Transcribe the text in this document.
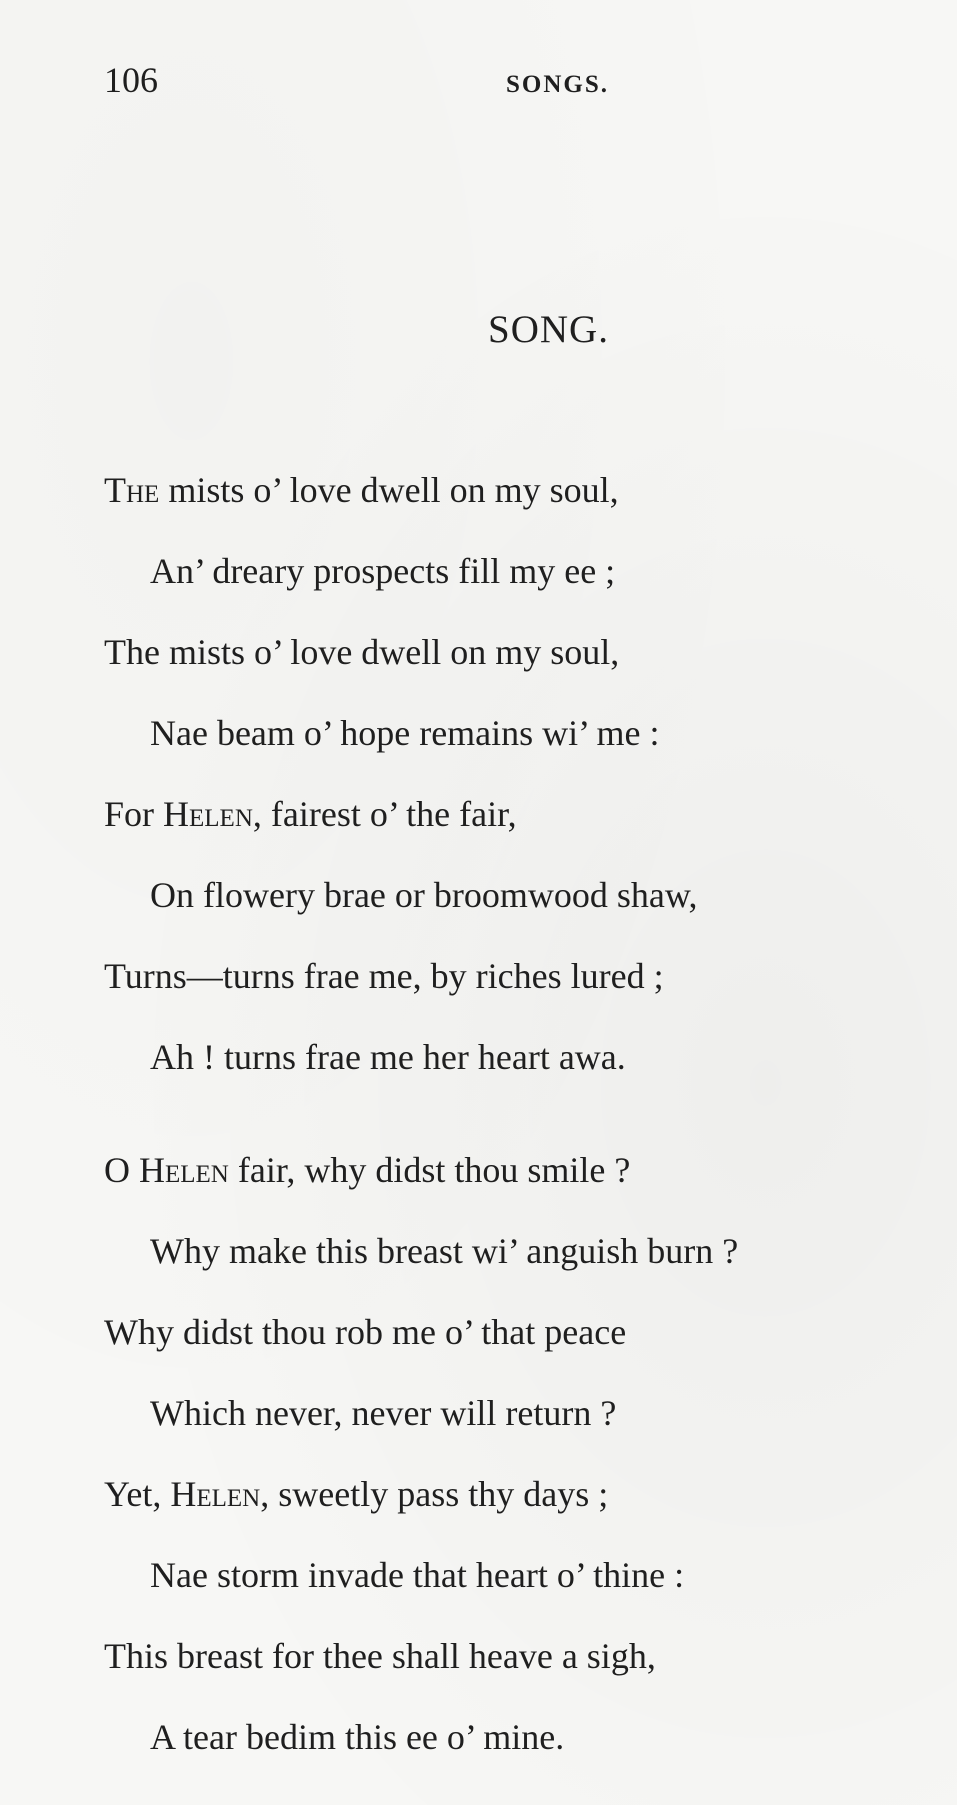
106	SONGS.
SONG.
The mists o’ love dwell on my soul,
An’ dreary prospects fill my ee ;
The mists o’ love dwell on my soul,
Nae beam o’ hope remains wi’ me :
For Helen, fairest o’ the fair,
On flowery brae or broomwood shaw,
Turns—turns frae me, by riches lured ;
Ah ! turns frae me her heart awa.
O Helen fair, why didst thou smile ?
Why make this breast wi’ anguish burn ?
Why didst thou rob me o’ that peace
Which never, never will return ?
Yet, Helen, sweetly pass thy days ;
Nae storm invade that heart o’ thine :
This breast for thee shall heave a sigh,
A tear bedim this ee o’ mine.
